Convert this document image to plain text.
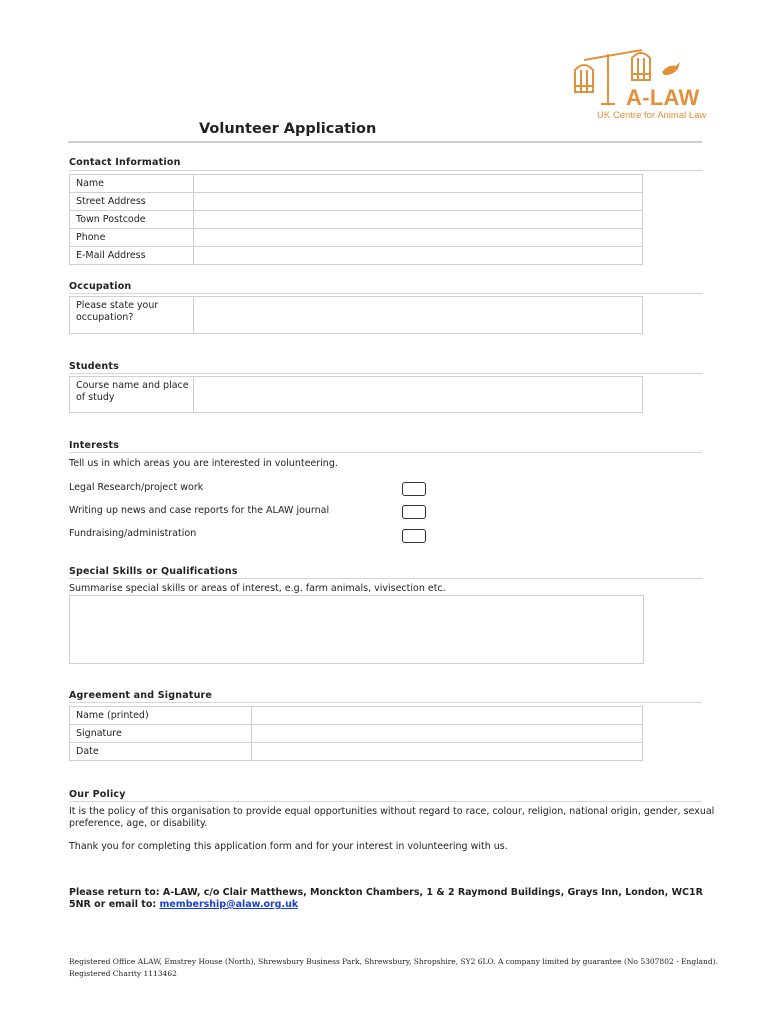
A-LAW
UK Centre for Animal Law
Volunteer Application
Contact Information
Name	
Street Address	
Town Postcode	
Phone	
E-Mail Address	
Occupation
Please state your
occupation?

Students
Course name and place
of study

Interests
Tell us in which areas you are interested in volunteering.
Legal Research/project work
Writing up news and case reports for the ALAW journal
Fundraising/administration
Special Skills or Qualifications
Summarise special skills or areas of interest, e.g. farm animals, vivisection etc.
Agreement and Signature
Name (printed)	
Signature	
Date	
Our Policy
It is the policy of this organisation to provide equal opportunities without regard to race, colour, religion, national origin, gender, sexual
preference, age, or disability.
Thank you for completing this application form and for your interest in volunteering with us.
Please return to: A-LAW, c/o Clair Matthews, Monckton Chambers, 1 & 2 Raymond Buildings, Grays Inn, London, WC1R
5NR or email to: membership@alaw.org.uk
Registered Office ALAW, Emstrey House (North), Shrewsbury Business Park, Shrewsbury, Shropshire, SY2 6LO. A company limited by guarantee (No 5307802 - England).
Registered Charity 1113462
